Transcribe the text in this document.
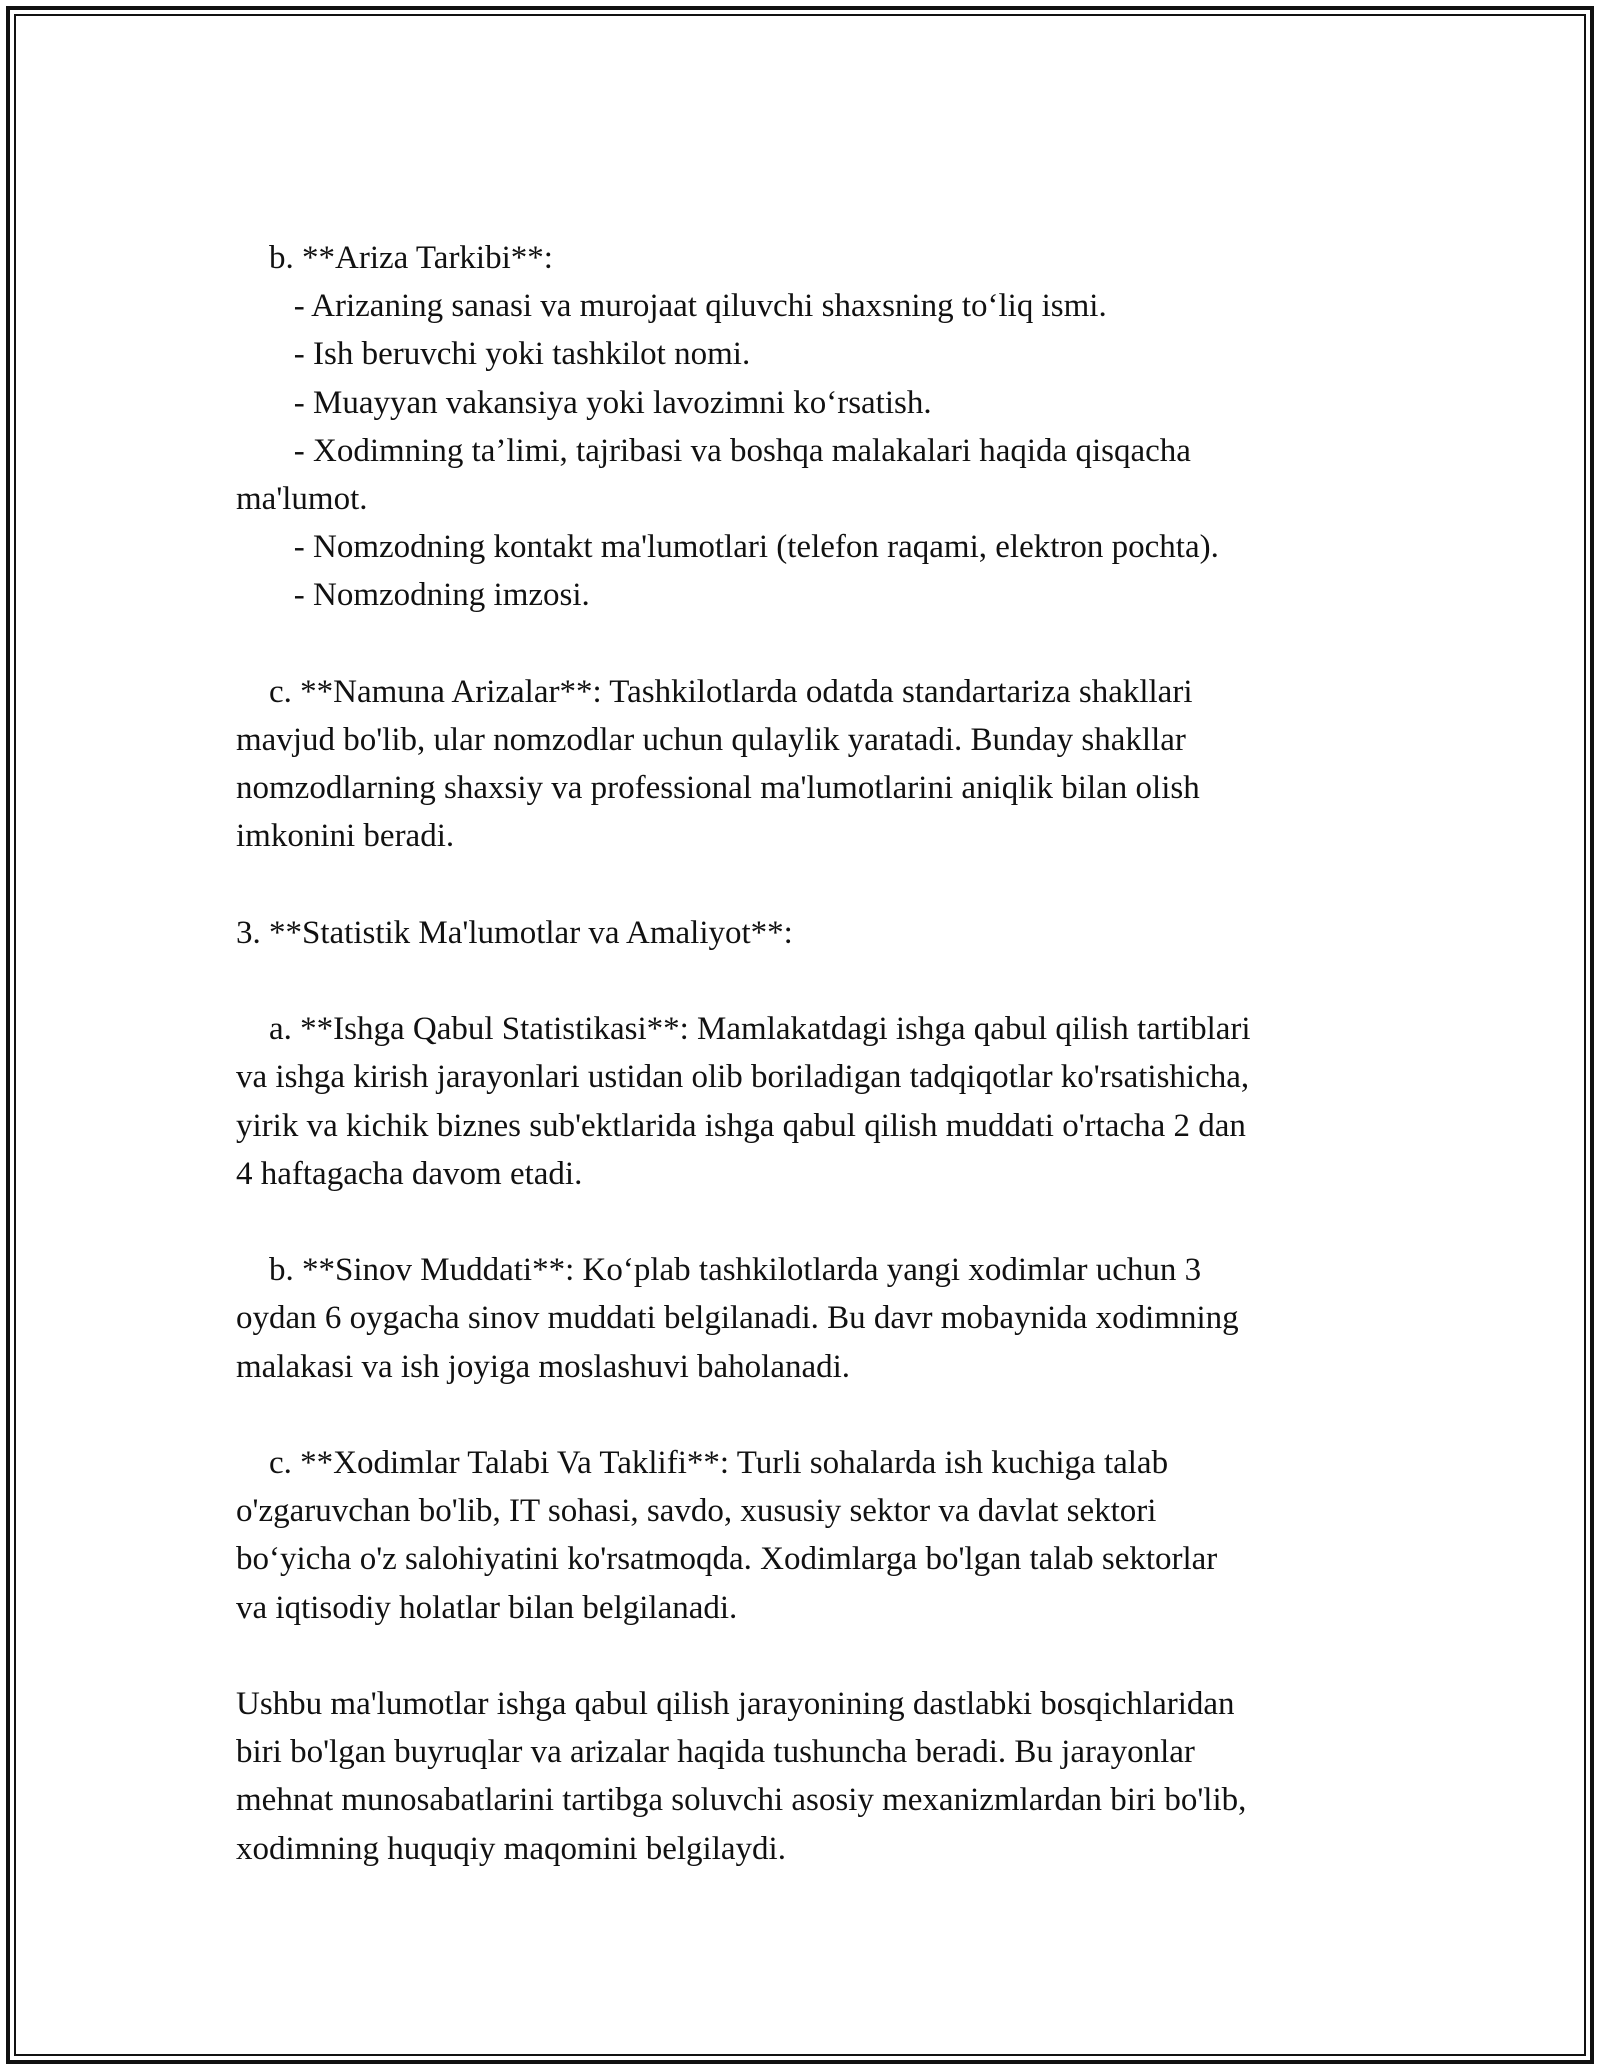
b. **Ariza Tarkibi**:
- Arizaning sanasi va murojaat qiluvchi shaxsning to‘liq ismi.
- Ish beruvchi yoki tashkilot nomi.
- Muayyan vakansiya yoki lavozimni ko‘rsatish.
- Xodimning ta’limi, tajribasi va boshqa malakalari haqida qisqacha
ma'lumot.
- Nomzodning kontakt ma'lumotlari (telefon raqami, elektron pochta).
- Nomzodning imzosi.
c. **Namuna Arizalar**: Tashkilotlarda odatda standartariza shakllari
mavjud bo'lib, ular nomzodlar uchun qulaylik yaratadi. Bunday shakllar
nomzodlarning shaxsiy va professional ma'lumotlarini aniqlik bilan olish
imkonini beradi.
3. **Statistik Ma'lumotlar va Amaliyot**:
a. **Ishga Qabul Statistikasi**: Mamlakatdagi ishga qabul qilish tartiblari
va ishga kirish jarayonlari ustidan olib boriladigan tadqiqotlar ko'rsatishicha,
yirik va kichik biznes sub'ektlarida ishga qabul qilish muddati o'rtacha 2 dan
4 haftagacha davom etadi.
b. **Sinov Muddati**: Ko‘plab tashkilotlarda yangi xodimlar uchun 3
oydan 6 oygacha sinov muddati belgilanadi. Bu davr mobaynida xodimning
malakasi va ish joyiga moslashuvi baholanadi.
c. **Xodimlar Talabi Va Taklifi**: Turli sohalarda ish kuchiga talab
o'zgaruvchan bo'lib, IT sohasi, savdo, xususiy sektor va davlat sektori
bo‘yicha o'z salohiyatini ko'rsatmoqda. Xodimlarga bo'lgan talab sektorlar
va iqtisodiy holatlar bilan belgilanadi.
Ushbu ma'lumotlar ishga qabul qilish jarayonining dastlabki bosqichlaridan
biri bo'lgan buyruqlar va arizalar haqida tushuncha beradi. Bu jarayonlar
mehnat munosabatlarini tartibga soluvchi asosiy mexanizmlardan biri bo'lib,
xodimning huquqiy maqomini belgilaydi.
